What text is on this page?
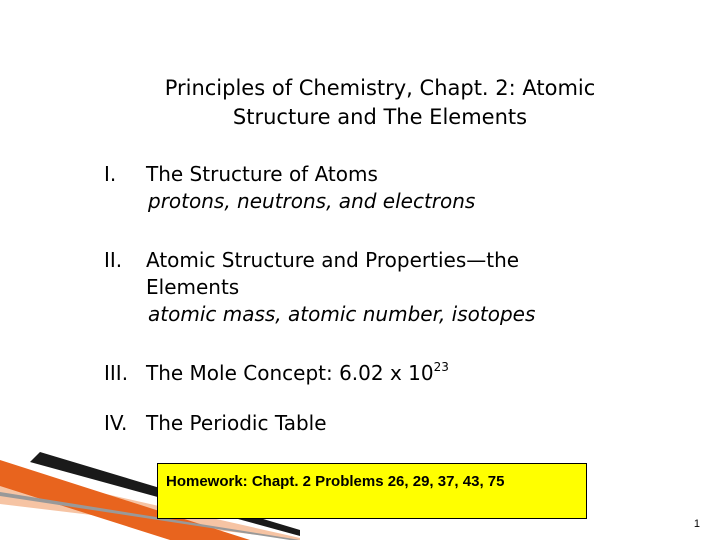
Principles of Chemistry, Chapt. 2: Atomic
Structure and The Elements
I.	The Structure of Atoms
protons, neutrons, and electrons
II.	Atomic Structure and Properties—the
Elements
atomic mass, atomic number, isotopes
III. The Mole Concept: 6.02 x $10^{23}$
IV. The Periodic Table
Homework: Chapt. 2 Problems 26, 29, 37, 43, 75
1
